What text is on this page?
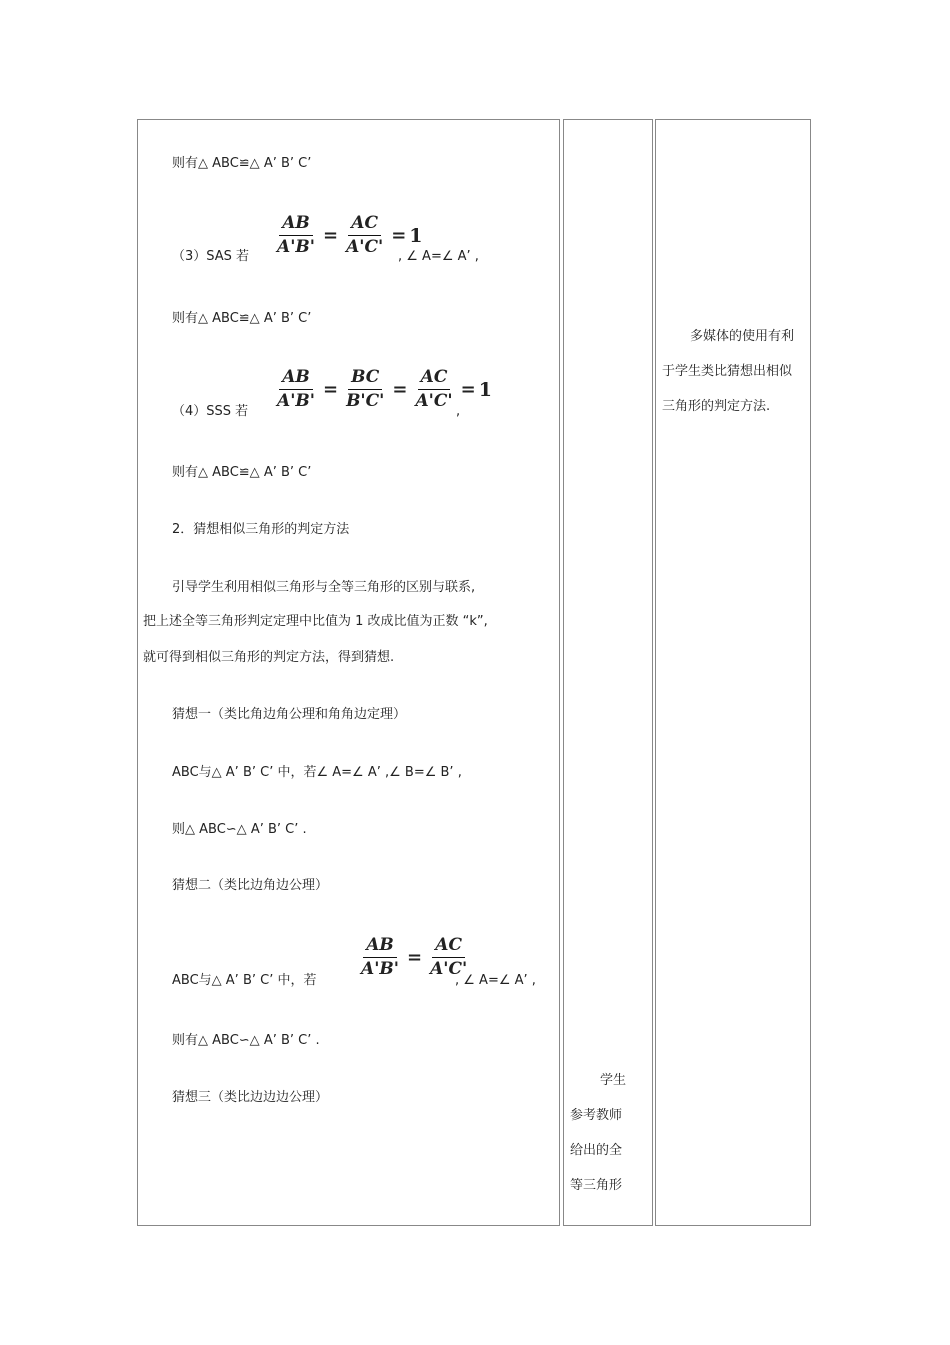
则有△ ABC≌△ A’ B’ C’
（3）SAS 若 $\frac{AB}{A'B'} = \frac{AC}{A'C'} = 1$
, ∠ A=∠ A’ ,
则有△ ABC≌△ A’ B’ C’
（4）SSS 若
$\frac{AB}{A'B'} = \frac{BC}{B'C'} = \frac{AC}{A'C'} = 1$
,
则有△ ABC≌△ A’ B’ C’
2．猜想相似三角形的判定方法
引导学生利用相似三角形与全等三角形的区别与联系,
把上述全等三角形判定定理中比值为 1 改成比值为正数 “k”,
就可得到相似三角形的判定方法，得到猜想.
猜想一（类比角边角公理和角角边定理）
ABC与△ A’ B’ C’ 中，若∠ A=∠ A’ ,∠ B=∠ B’ ,
则△ ABC∽△ A’ B’ C’ .
猜想二（类比边角边公理）
ABC与△ A’ B’ C’ 中，若
$\frac{AB}{A'B'} = \frac{AC}{A'C'}$
, ∠ A=∠ A’ ,
则有△ ABC∽△ A’ B’ C’ .
猜想三（类比边边边公理）
学生
参考教师
给出的全
等三角形
多媒体的使用有利于学生类比猜想出相似三角形的判定方法.
